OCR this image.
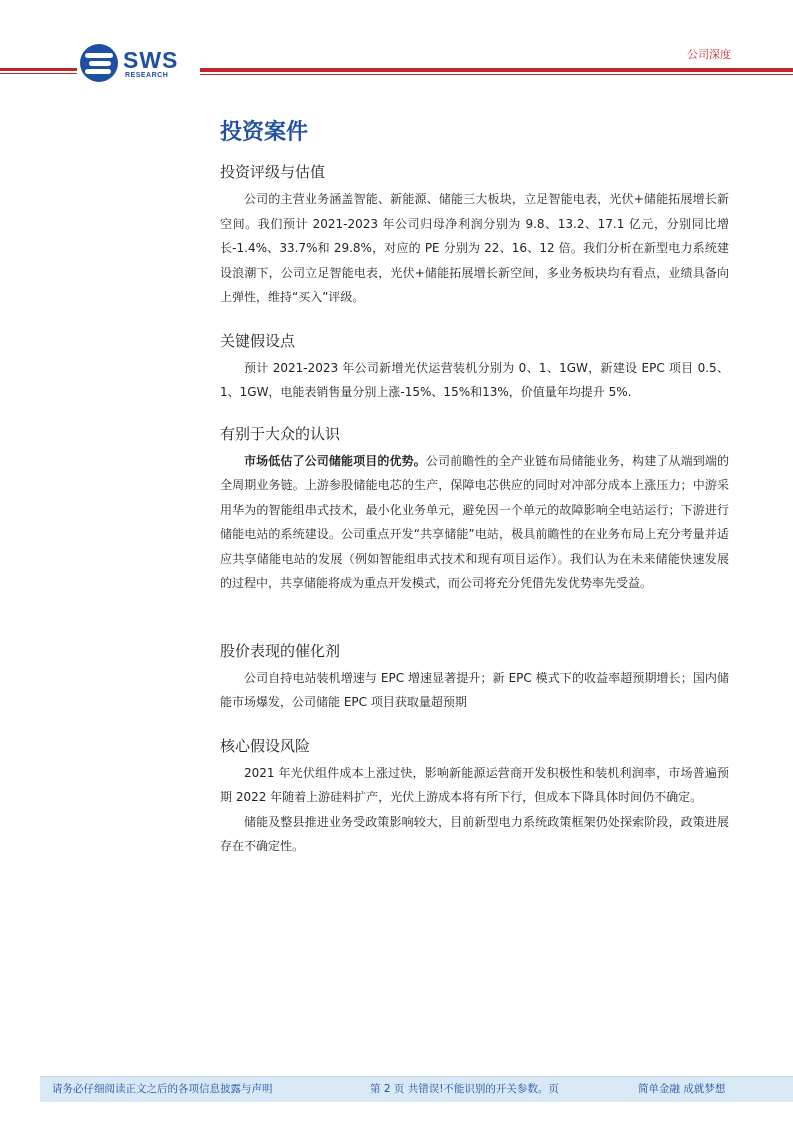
SWS
RESEARCH
公司深度
投资案件
投资评级与估值

公司的主营业务涵盖智能、新能源、储能三大板块，立足智能电表，光伏+储能拓展增长新空间。我们预计 2021-2023 年公司归母净利润分别为 9.8、13.2、17.1 亿元，分别同比增长-1.4%、33.7%和 29.8%，对应的 PE 分别为 22、16、12 倍。我们分析在新型电力系统建设浪潮下，公司立足智能电表，光伏+储能拓展增长新空间，多业务板块均有看点，业绩具备向上弹性，维持“买入”评级。

关键假设点

预计 2021-2023 年公司新增光伏运营装机分别为 0、1、1GW，新建设 EPC 项目 0.5、1、1GW，电能表销售量分别上涨-15%、15%和13%，价值量年均提升 5%.

有别于大众的认识

市场低估了公司储能项目的优势。公司前瞻性的全产业链布局储能业务，构建了从端到端的全周期业务链。上游参股储能电芯的生产，保障电芯供应的同时对冲部分成本上涨压力；中游采用华为的智能组串式技术，最小化业务单元，避免因一个单元的故障影响全电站运行；下游进行储能电站的系统建设。公司重点开发“共享储能”电站，极具前瞻性的在业务布局上充分考量并适应共享储能电站的发展（例如智能组串式技术和现有项目运作）。我们认为在未来储能快速发展的过程中，共享储能将成为重点开发模式，而公司将充分凭借先发优势率先受益。

股价表现的催化剂

公司自持电站装机增速与 EPC 增速显著提升；新 EPC 模式下的收益率超预期增长；国内储能市场爆发，公司储能 EPC 项目获取量超预期

核心假设风险

2021 年光伏组件成本上涨过快，影响新能源运营商开发积极性和装机利润率，市场普遍预期 2022 年随着上游硅料扩产，光伏上游成本将有所下行，但成本下降具体时间仍不确定。

储能及整县推进业务受政策影响较大，目前新型电力系统政策框架仍处探索阶段，政策进展存在不确定性。

请务必仔细阅读正文之后的各项信息披露与声明	第 2 页 共错误!不能识别的开关参数。页	简单金融 成就梦想
